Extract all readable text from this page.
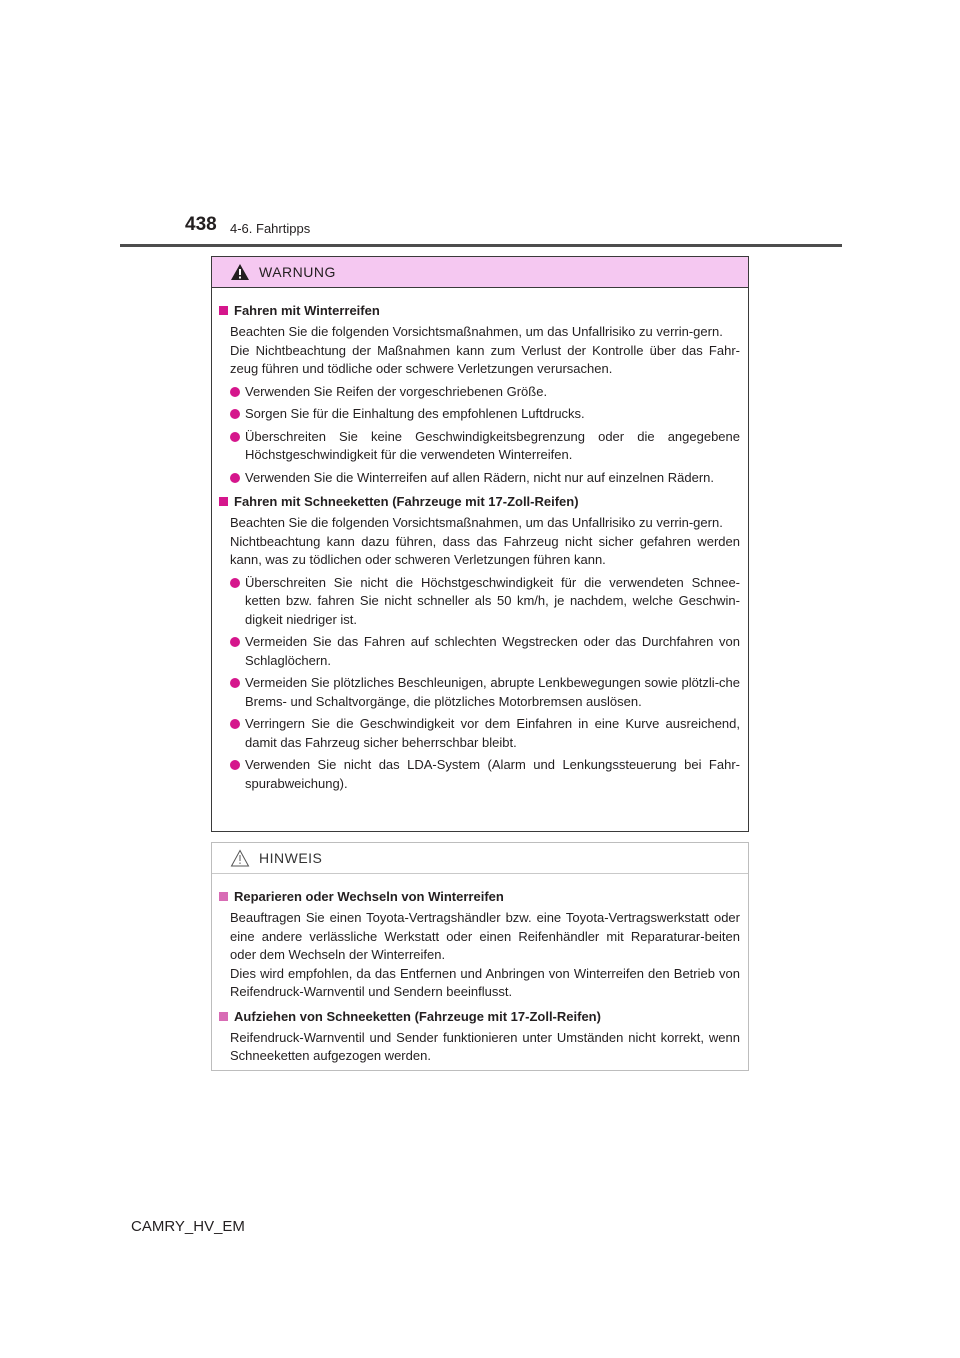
438 4-6. Fahrtipps
WARNUNG
Fahren mit Winterreifen

Beachten Sie die folgenden Vorsichtsmaßnahmen, um das Unfallrisiko zu verrin-gern.

Die Nichtbeachtung der Maßnahmen kann zum Verlust der Kontrolle über das Fahr-zeug führen und tödliche oder schwere Verletzungen verursachen.

Verwenden Sie Reifen der vorgeschriebenen Größe.
Sorgen Sie für die Einhaltung des empfohlenen Luftdrucks.
Überschreiten Sie keine Geschwindigkeitsbegrenzung oder die angegebene Höchstgeschwindigkeit für die verwendeten Winterreifen.
Verwenden Sie die Winterreifen auf allen Rädern, nicht nur auf einzelnen Rädern.
Fahren mit Schneeketten (Fahrzeuge mit 17-Zoll-Reifen)

Beachten Sie die folgenden Vorsichtsmaßnahmen, um das Unfallrisiko zu verrin-gern.

Nichtbeachtung kann dazu führen, dass das Fahrzeug nicht sicher gefahren werden kann, was zu tödlichen oder schweren Verletzungen führen kann.

Überschreiten Sie nicht die Höchstgeschwindigkeit für die verwendeten Schnee-ketten bzw. fahren Sie nicht schneller als 50 km/h, je nachdem, welche Geschwin-digkeit niedriger ist.
Vermeiden Sie das Fahren auf schlechten Wegstrecken oder das Durchfahren von Schlaglöchern.
Vermeiden Sie plötzliches Beschleunigen, abrupte Lenkbewegungen sowie plötzli-che Brems- und Schaltvorgänge, die plötzliches Motorbremsen auslösen.
Verringern Sie die Geschwindigkeit vor dem Einfahren in eine Kurve ausreichend, damit das Fahrzeug sicher beherrschbar bleibt.
Verwenden Sie nicht das LDA-System (Alarm und Lenkungssteuerung bei Fahr-spurabweichung).
HINWEIS
Reparieren oder Wechseln von Winterreifen

Beauftragen Sie einen Toyota-Vertragshändler bzw. eine Toyota-Vertragswerkstatt oder eine andere verlässliche Werkstatt oder einen Reifenhändler mit Reparaturar-beiten oder dem Wechseln der Winterreifen.

Dies wird empfohlen, da das Entfernen und Anbringen von Winterreifen den Betrieb von Reifendruck-Warnventil und Sendern beeinflusst.

Aufziehen von Schneeketten (Fahrzeuge mit 17-Zoll-Reifen)

Reifendruck-Warnventil und Sender funktionieren unter Umständen nicht korrekt, wenn Schneeketten aufgezogen werden.

CAMRY_HV_EM
